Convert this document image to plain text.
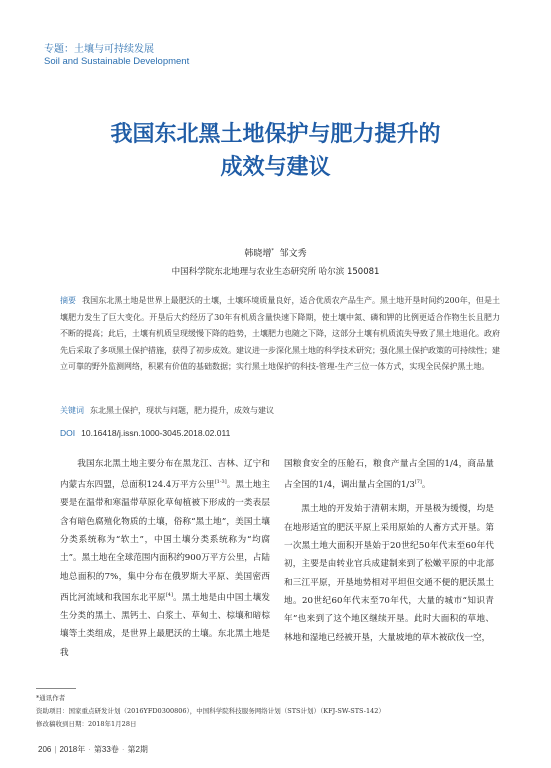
专题：土壤与可持续发展
Soil and Sustainable Development
我国东北黑土地保护与肥力提升的
成效与建议
韩晓增* 邹文秀
中国科学院东北地理与农业生态研究所 哈尔滨 150081
摘要 我国东北黑土地是世界上最肥沃的土壤，土壤环境质量良好，适合优质农产品生产。黑土地开垦时间约200年，但是土壤肥力发生了巨大变化。开垦后大约经历了30年有机质含量快速下降期，使土壤中氮、磷和钾的比例更适合作物生长且肥力不断的提高；此后，土壤有机质呈现缓慢下降的趋势，土壤肥力也随之下降，这部分土壤有机质流失导致了黑土地退化。政府先后采取了多项黑土保护措施，获得了初步成效。建议进一步深化黑土地的科学技术研究；强化黑土保护政策的可持续性；建立可靠的野外监测网络，积累有价值的基础数据；实行黑土地保护的科技-管理-生产三位一体方式，实现全民保护黑土地。
关键词 东北黑土保护，现状与问题，肥力提升，成效与建议
DOI 10.16418/j.issn.1000-3045.2018.02.011

我国东北黑土地主要分布在黑龙江、吉林、辽宁和内蒙古东四盟，总面积124.4万平方公里[1-3]。黑土地主要是在温带和寒温带草原化草甸植被下形成的一类表层含有暗色腐殖化物质的土壤，俗称“黑土地”，美国土壤分类系统称为“软土”，中国土壤分类系统称为“均腐土”。黑土地在全球范围内面积约900万平方公里，占陆地总面积的7%，集中分布在俄罗斯大平原、美国密西西比河流域和我国东北平原[4]。黑土地是由中国土壤发生分类的黑土、黑钙土、白浆土、草甸土、棕壤和暗棕壤等土类组成，是世界上最肥沃的土壤。东北黑土地是我

国粮食安全的压舱石，粮食产量占全国的1/4，商品量占全国的1/4，调出量占全国的1/3[7]。

黑土地的开发始于清朝末期，开垦极为缓慢，均是在地形适宜的肥沃平原上采用原始的人畜方式开垦。第一次黑土地大面积开垦始于20世纪50年代末至60年代初，主要是由转业官兵成建制来到了松嫩平原的中北部和三江平原，开垦地势相对平坦但交通不便的肥沃黑土地。20世纪60年代末至70年代，大量的城市“知识青年”也来到了这个地区继续开垦。此时大面积的草地、林地和湿地已经被开垦，大量坡地的草木被砍伐一空，

*通讯作者
资助项目：国家重点研发计划（2016YFD0300806），中国科学院科技服务网络计划（STS计划）（KFJ-SW-STS-142）
修改稿收到日期：2018年1月28日
206 | 2018年 · 第33卷 · 第2期
